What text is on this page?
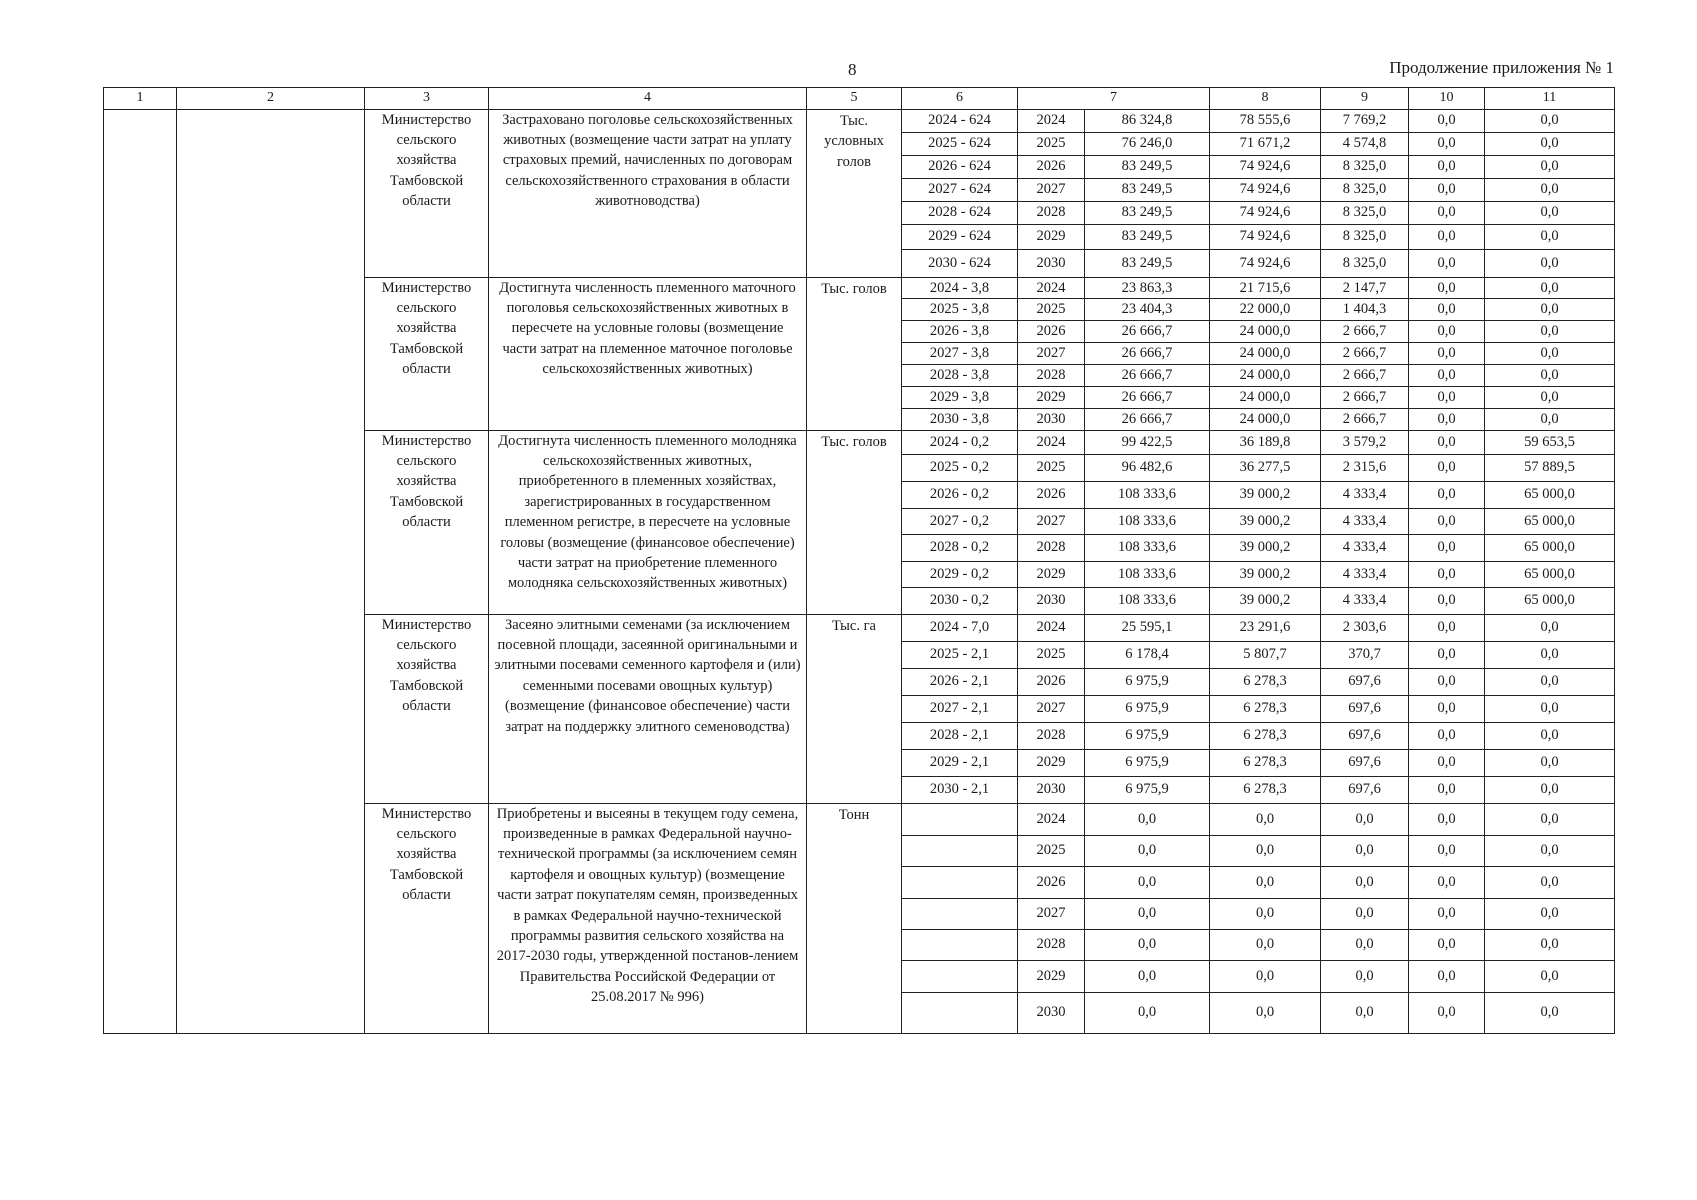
8	Продолжение приложения № 1
1	2	3	4	5	6	7		8	9	10	11
		Министерство сельского хозяйства Тамбовской области	Застраховано поголовье сельскохозяйственных животных (возмещение части затрат на уплату страховых премий, начисленных по договорам сельскохозяйственного страхования в области животноводства)	Тыс. условных голов	2024 - 624	2024	86 324,8	78 555,6	7 769,2	0,0	0,0
					2025 - 624	2025	76 246,0	71 671,2	4 574,8	0,0	0,0
					2026 - 624	2026	83 249,5	74 924,6	8 325,0	0,0	0,0
					2027 - 624	2027	83 249,5	74 924,6	8 325,0	0,0	0,0
					2028 - 624	2028	83 249,5	74 924,6	8 325,0	0,0	0,0
					2029 - 624	2029	83 249,5	74 924,6	8 325,0	0,0	0,0
					2030 - 624	2030	83 249,5	74 924,6	8 325,0	0,0	0,0
		Министерство сельского хозяйства Тамбовской области	Достигнута численность племенного маточного поголовья сельскохозяйственных животных в пересчете на условные головы (возмещение части затрат на племенное маточное поголовье сельскохозяйственных животных)	Тыс. голов	2024 - 3,8	2024	23 863,3	21 715,6	2 147,7	0,0	0,0
					2025 - 3,8	2025	23 404,3	22 000,0	1 404,3	0,0	0,0
					2026 - 3,8	2026	26 666,7	24 000,0	2 666,7	0,0	0,0
					2027 - 3,8	2027	26 666,7	24 000,0	2 666,7	0,0	0,0
					2028 - 3,8	2028	26 666,7	24 000,0	2 666,7	0,0	0,0
					2029 - 3,8	2029	26 666,7	24 000,0	2 666,7	0,0	0,0
					2030 - 3,8	2030	26 666,7	24 000,0	2 666,7	0,0	0,0
		Министерство сельского хозяйства Тамбовской области	Достигнута численность племенного молодняка сельскохозяйственных животных, приобретенного в племенных хозяйствах, зарегистрированных в государственном племенном регистре, в пересчете на условные головы (возмещение (финансовое обеспечение) части затрат на приобретение племенного молодняка сельскохозяйственных животных)	Тыс. голов	2024 - 0,2	2024	99 422,5	36 189,8	3 579,2	0,0	59 653,5
					2025 - 0,2	2025	96 482,6	36 277,5	2 315,6	0,0	57 889,5
					2026 - 0,2	2026	108 333,6	39 000,2	4 333,4	0,0	65 000,0
					2027 - 0,2	2027	108 333,6	39 000,2	4 333,4	0,0	65 000,0
					2028 - 0,2	2028	108 333,6	39 000,2	4 333,4	0,0	65 000,0
					2029 - 0,2	2029	108 333,6	39 000,2	4 333,4	0,0	65 000,0
					2030 - 0,2	2030	108 333,6	39 000,2	4 333,4	0,0	65 000,0
		Министерство сельского хозяйства Тамбовской области	Засеяно элитными семенами (за исключением посевной площади, засеянной оригинальными и элитными посевами семенного картофеля и (или) семенными посевами овощных культур) (возмещение (финансовое обеспечение) части затрат на поддержку элитного семеноводства)	Тыс. га	2024 - 7,0	2024	25 595,1	23 291,6	2 303,6	0,0	0,0
					2025 - 2,1	2025	6 178,4	5 807,7	370,7	0,0	0,0
					2026 - 2,1	2026	6 975,9	6 278,3	697,6	0,0	0,0
					2027 - 2,1	2027	6 975,9	6 278,3	697,6	0,0	0,0
					2028 - 2,1	2028	6 975,9	6 278,3	697,6	0,0	0,0
					2029 - 2,1	2029	6 975,9	6 278,3	697,6	0,0	0,0
					2030 - 2,1	2030	6 975,9	6 278,3	697,6	0,0	0,0
		Министерство сельского хозяйства Тамбовской области	Приобретены и высеяны в текущем году семена, произведенные в рамках Федеральной научно-технической программы (за исключением семян картофеля и овощных культур) (возмещение части затрат покупателям семян, произведенных в рамках Федеральной научно-технической программы развития сельского хозяйства на 2017-2030 годы, утвержденной постанов-лением Правительства Российской Федерации от 25.08.2017 № 996)	Тонн		2024	0,0	0,0	0,0	0,0	0,0
						2025	0,0	0,0	0,0	0,0	0,0
						2026	0,0	0,0	0,0	0,0	0,0
						2027	0,0	0,0	0,0	0,0	0,0
						2028	0,0	0,0	0,0	0,0	0,0
						2029	0,0	0,0	0,0	0,0	0,0
						2030	0,0	0,0	0,0	0,0	0,0
